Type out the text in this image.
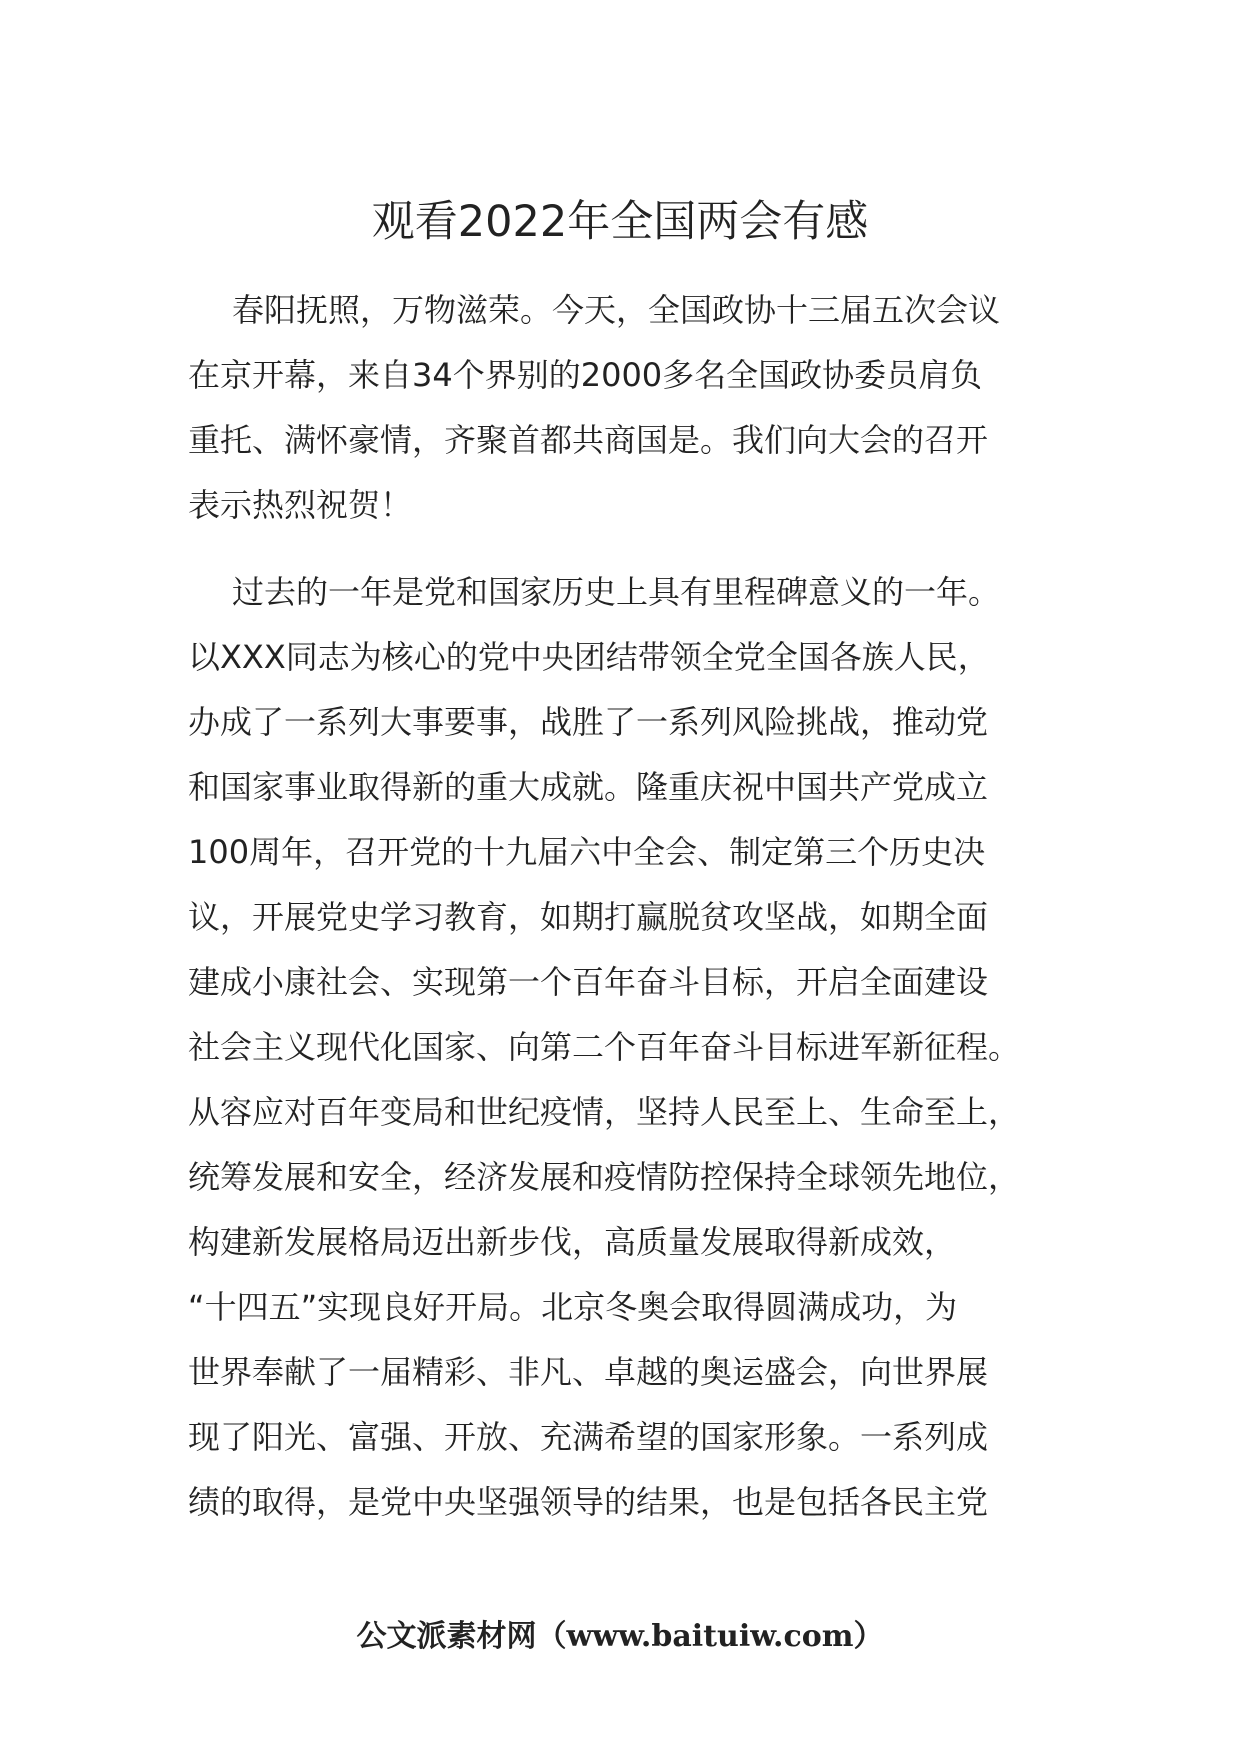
观看2022年全国两会有感
春阳抚照，万物滋荣。今天，全国政协十三届五次会议
在京开幕，来自34个界别的2000多名全国政协委员肩负
重托、满怀豪情，齐聚首都共商国是。我们向大会的召开
表示热烈祝贺！
过去的一年是党和国家历史上具有里程碑意义的一年。
以XXX同志为核心的党中央团结带领全党全国各族人民，
办成了一系列大事要事，战胜了一系列风险挑战，推动党
和国家事业取得新的重大成就。隆重庆祝中国共产党成立
100周年，召开党的十九届六中全会、制定第三个历史决
议，开展党史学习教育，如期打赢脱贫攻坚战，如期全面
建成小康社会、实现第一个百年奋斗目标，开启全面建设
社会主义现代化国家、向第二个百年奋斗目标进军新征程。
从容应对百年变局和世纪疫情，坚持人民至上、生命至上，
统筹发展和安全，经济发展和疫情防控保持全球领先地位，
构建新发展格局迈出新步伐，高质量发展取得新成效，
“十四五”实现良好开局。北京冬奥会取得圆满成功，为
世界奉献了一届精彩、非凡、卓越的奥运盛会，向世界展
现了阳光、富强、开放、充满希望的国家形象。一系列成
绩的取得，是党中央坚强领导的结果，也是包括各民主党
公文派素材网（www.baituiw.com）
